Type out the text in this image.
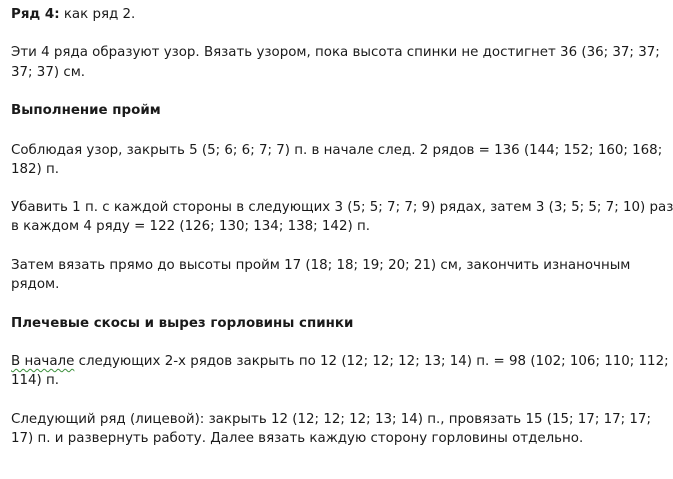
Ряд 4: как ряд 2.
Эти 4 ряда образуют узор. Вязать узором, пока высота спинки не достигнет 36 (36; 37; 37;
37; 37) см.
Выполнение пройм
Соблюдая узор, закрыть 5 (5; 6; 6; 7; 7) п. в начале след. 2 рядов = 136 (144; 152; 160; 168;
182) п.
Убавить 1 п. с каждой стороны в следующих 3 (5; 5; 7; 7; 9) рядах, затем 3 (3; 5; 5; 7; 10) раз
в каждом 4 ряду = 122 (126; 130; 134; 138; 142) п.
Затем вязать прямо до высоты пройм 17 (18; 18; 19; 20; 21) см, закончить изнаночным
рядом.
Плечевые скосы и вырез горловины спинки
В начале следующих 2-х рядов закрыть по 12 (12; 12; 12; 13; 14) п. = 98 (102; 106; 110; 112;
114) п.
Следующий ряд (лицевой): закрыть 12 (12; 12; 12; 13; 14) п., провязать 15 (15; 17; 17; 17;
17) п. и развернуть работу. Далее вязать каждую сторону горловины отдельно.
